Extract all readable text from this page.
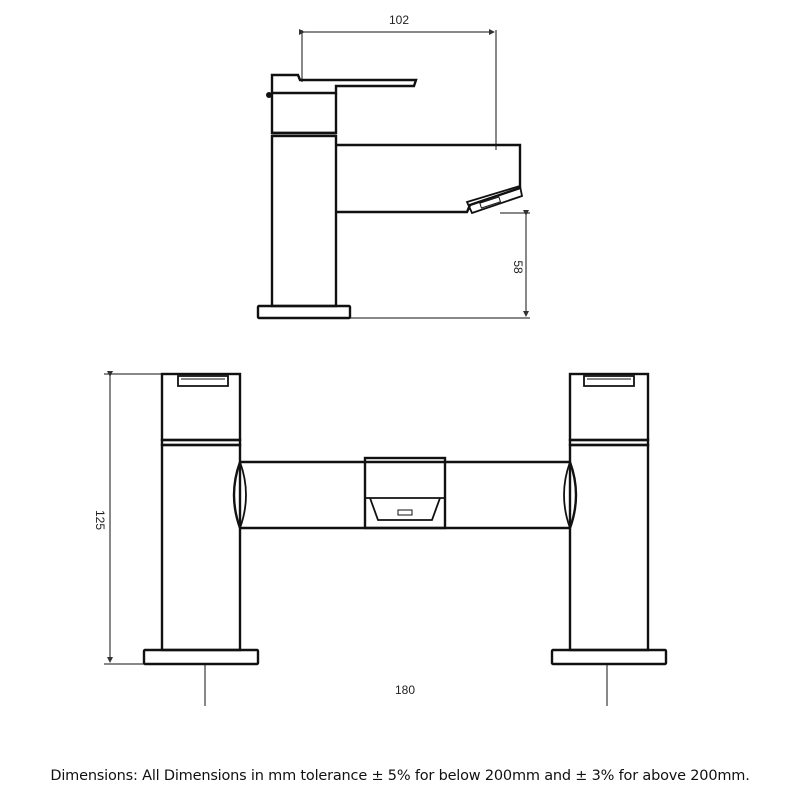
102
58
125
180
Dimensions: All Dimensions in mm tolerance ± 5% for below 200mm and ± 3% for above 200mm.
